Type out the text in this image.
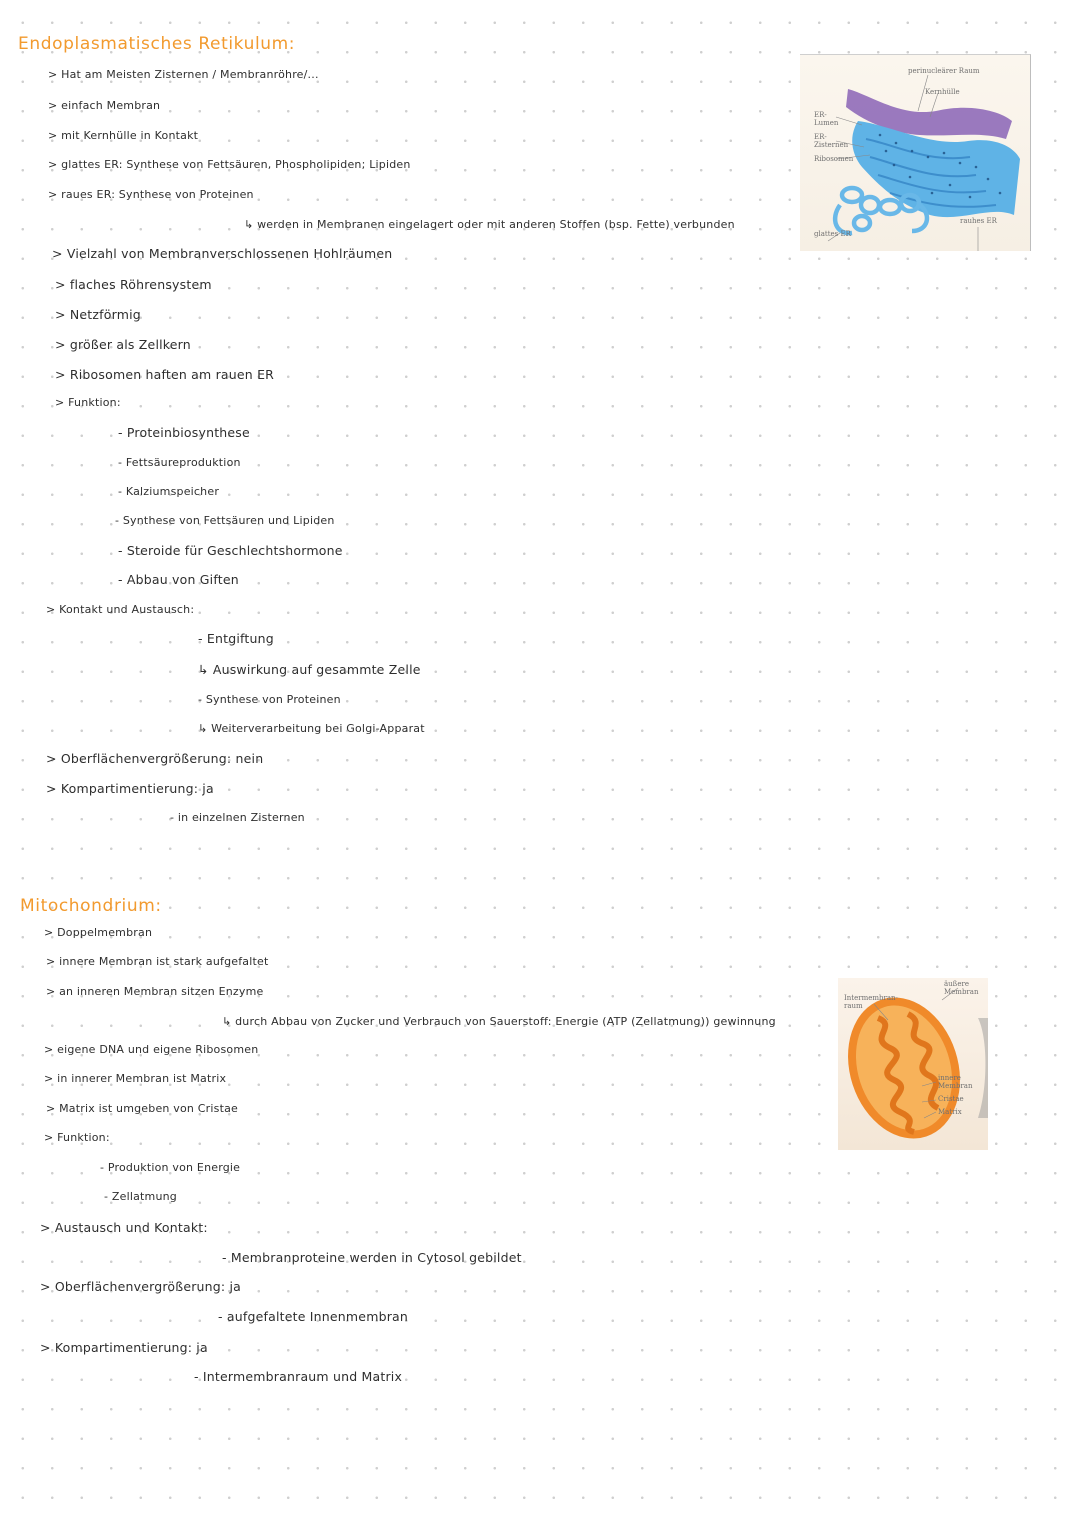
Endoplasmatisches Retikulum:

> Hat am Meisten Zisternen / Membranröhre/...

> einfach Membran

> mit Kernhülle in Kontakt

> glattes ER: Synthese von Fettsäuren, Phospholipiden; Lipiden

> raues ER: Synthese von Proteinen

↳ werden in Membranen eingelagert oder mit anderen Stoffen (bsp. Fette) verbunden

> Vielzahl von Membranverschlossenen Hohlräumen

> flaches Röhrensystem

> Netzförmig

> größer als Zellkern

> Ribosomen haften am rauen ER

> Funktion:

- Proteinbiosynthese

- Fettsäureproduktion

- Kalziumspeicher

- Synthese von Fettsäuren und Lipiden

- Steroide für Geschlechtshormone

- Abbau von Giften

> Kontakt und Austausch:

- Entgiftung

↳ Auswirkung auf gesammte Zelle

- Synthese von Proteinen

↳ Weiterverarbeitung bei Golgi-Apparat

> Oberflächenvergrößerung: nein

> Kompartimentierung: ja

- in einzelnen Zisternen

perinucleärer Raum
Kernhülle
ER-
Lumen
ER-
Zisternen
Ribosomen
rauhes ER
glattes ER
Mitochondrium:

> Doppelmembran

> innere Membran ist stark aufgefaltet

> an inneren Membran sitzen Enzyme

↳ durch Abbau von Zucker und Verbrauch von Sauerstoff: Energie (ATP (Zellatmung)) gewinnung

> eigene DNA und eigene Ribosomen

> in innerer Membran ist Matrix

> Matrix ist umgeben von Cristae

> Funktion:

- Produktion von Energie

- Zellatmung

> Austausch und Kontakt:

- Membranproteine werden in Cytosol gebildet

> Oberflächenvergrößerung: ja

- aufgefaltete Innenmembran

> Kompartimentierung: ja

- Intermembranraum und Matrix

Intermembran-
raum
äußere
Membran
innere
Membran
Cristae
Matrix
